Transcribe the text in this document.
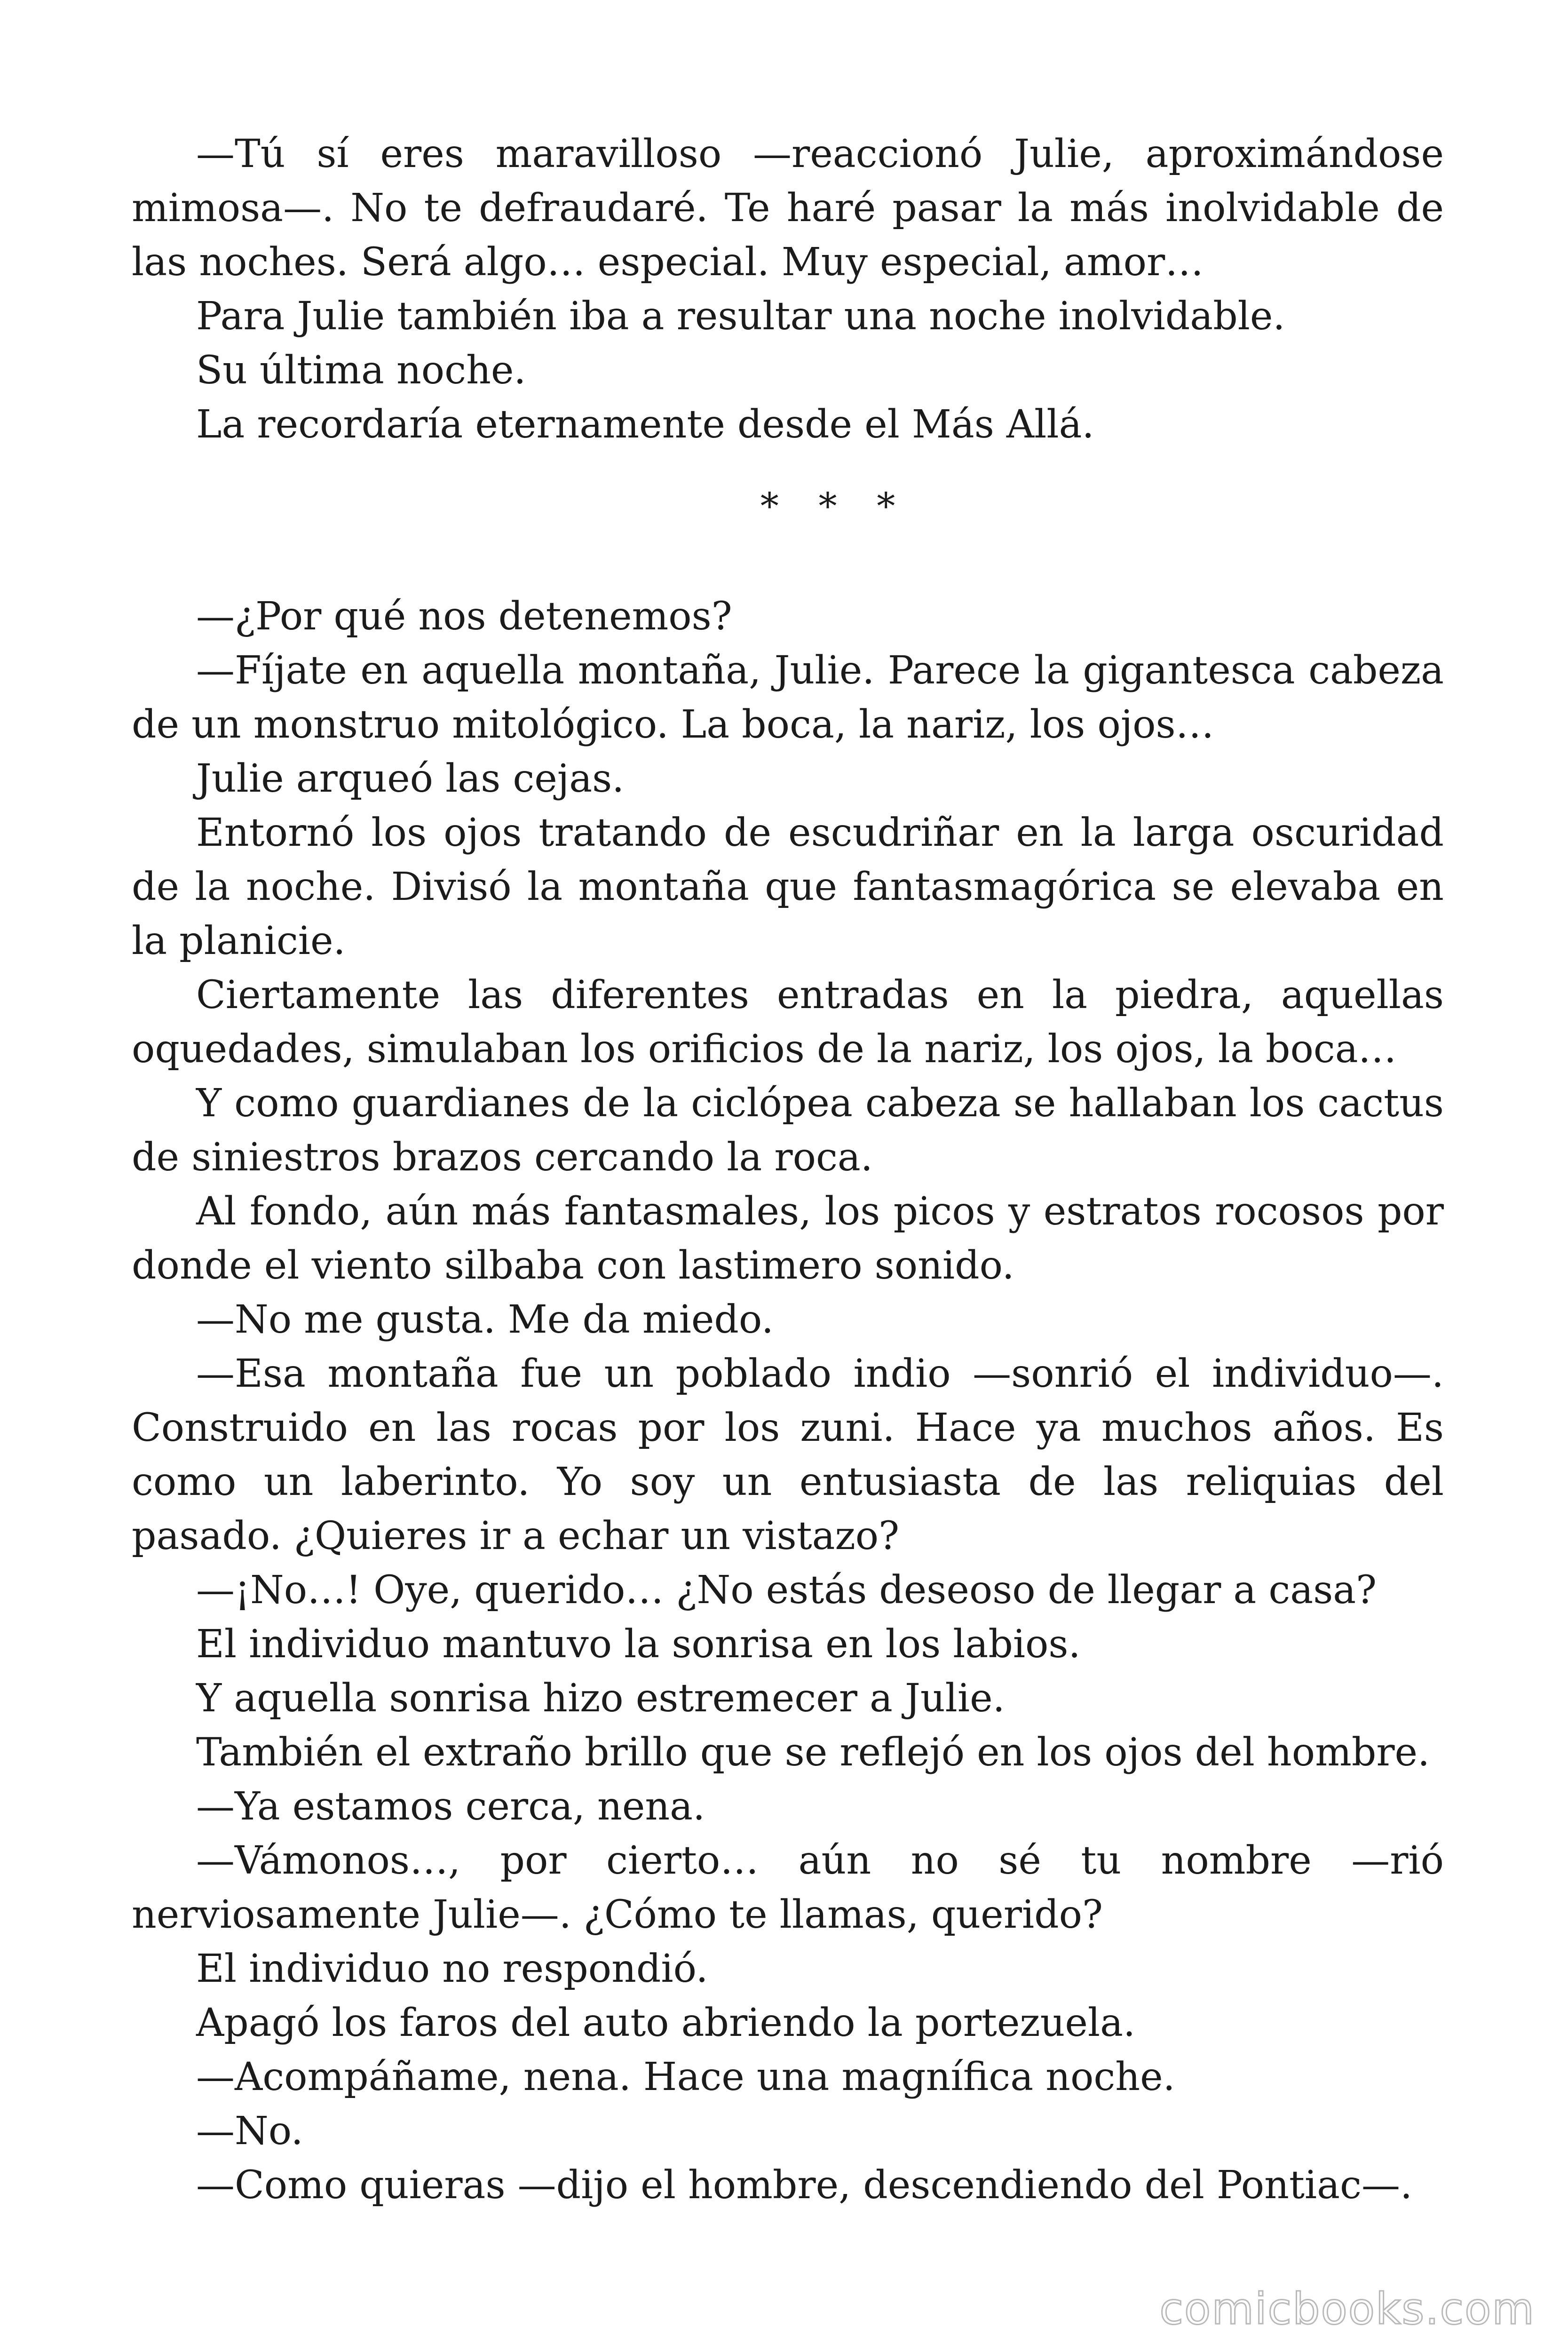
—Tú sí eres maravilloso —reaccionó Julie, aproximándose mimosa—. No te defraudaré. Te haré pasar la más inolvidable de las noches. Será algo… especial. Muy especial, amor…

Para Julie también iba a resultar una noche inolvidable.

Su última noche.

La recordaría eternamente desde el Más Allá.

* * *

—¿Por qué nos detenemos?

—Fíjate en aquella montaña, Julie. Parece la gigantesca cabeza de un monstruo mitológico. La boca, la nariz, los ojos…

Julie arqueó las cejas.

Entornó los ojos tratando de escudriñar en la larga oscuridad de la noche. Divisó la montaña que fantasmagórica se elevaba en la planicie.

Ciertamente las diferentes entradas en la piedra, aquellas oquedades, simulaban los orificios de la nariz, los ojos, la boca…

Y como guardianes de la ciclópea cabeza se hallaban los cactus de siniestros brazos cercando la roca.

Al fondo, aún más fantasmales, los picos y estratos rocosos por donde el viento silbaba con lastimero sonido.

—No me gusta. Me da miedo.

—Esa montaña fue un poblado indio —sonrió el individuo—. Construido en las rocas por los zuni. Hace ya muchos años. Es como un laberinto. Yo soy un entusiasta de las reliquias del pasado. ¿Quieres ir a echar un vistazo?

—¡No…! Oye, querido… ¿No estás deseoso de llegar a casa?

El individuo mantuvo la sonrisa en los labios.

Y aquella sonrisa hizo estremecer a Julie.

También el extraño brillo que se reflejó en los ojos del hombre.

—Ya estamos cerca, nena.

—Vámonos…, por cierto… aún no sé tu nombre —rió nerviosamente Julie—. ¿Cómo te llamas, querido?

El individuo no respondió.

Apagó los faros del auto abriendo la portezuela.

—Acompáñame, nena. Hace una magnífica noche.

—No.

—Como quieras —dijo el hombre, descendiendo del Pontiac—.

comicbooks.com
